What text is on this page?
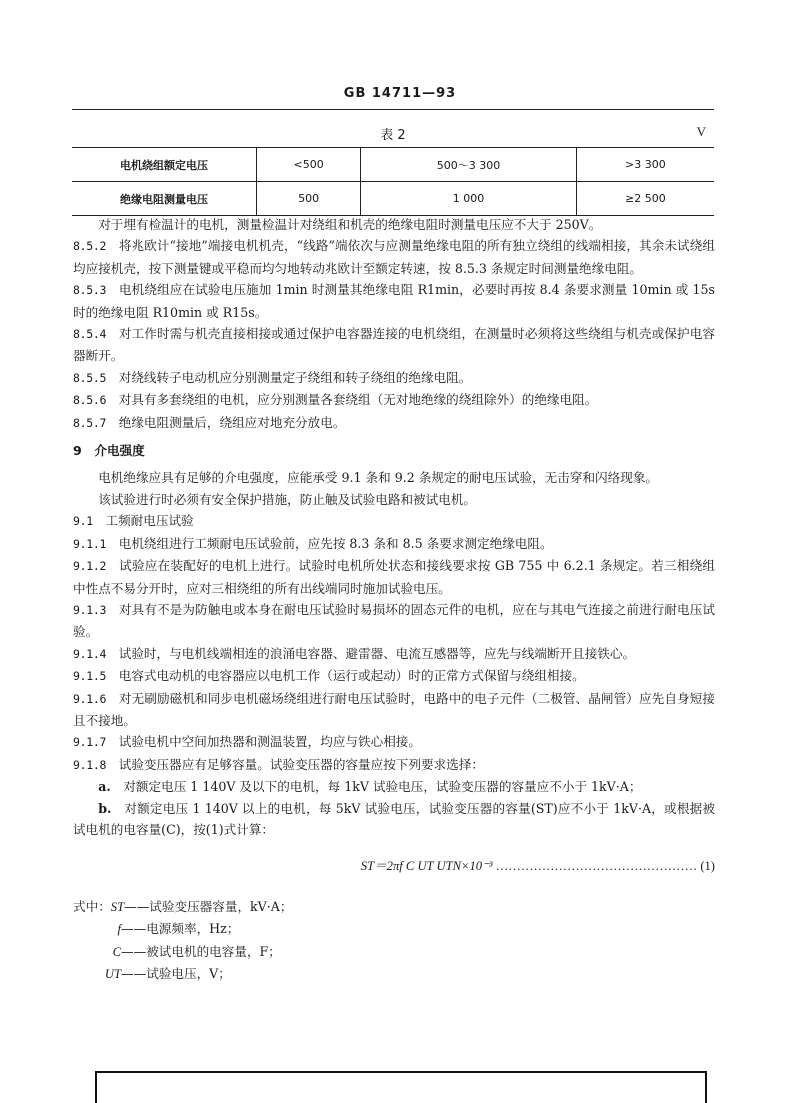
GB 14711—93
表 2	V
电机绕组额定电压	<500	500～3 300	>3 300
绝缘电阻测量电压	500	1 000	≥2 500

对于埋有检温计的电机，测量检温计对绕组和机壳的绝缘电阻时测量电压应不大于 250V。

8.5.2　 将兆欧计“接地”端接电机机壳，“线路”端依次与应测量绝缘电阻的所有独立绕组的线端相接，其余未试绕组均应接机壳，按下测量键或平稳而均匀地转动兆欧计至额定转速，按 8.5.3 条规定时间测量绝缘电阻。

8.5.3　 电机绕组应在试验电压施加 1min 时测量其绝缘电阻 R1min，必要时再按 8.4 条要求测量 10min 或 15s 时的绝缘电阻 R10min 或 R15s。

8.5.4　 对工作时需与机壳直接相接或通过保护电容器连接的电机绕组，在测量时必须将这些绕组与机壳或保护电容器断开。

8.5.5　 对绕线转子电动机应分别测量定子绕组和转子绕组的绝缘电阻。

8.5.6　 对具有多套绕组的电机，应分别测量各套绕组（无对地绝缘的绕组除外）的绝缘电阻。

8.5.7　 绝缘电阻测量后，绕组应对地充分放电。

9　介电强度

电机绝缘应具有足够的介电强度，应能承受 9.1 条和 9.2 条规定的耐电压试验，无击穿和闪络现象。

该试验进行时必须有安全保护措施，防止触及试验电路和被试电机。

9.1　 工频耐电压试验

9.1.1　 电机绕组进行工频耐电压试验前，应先按 8.3 条和 8.5 条要求测定绝缘电阻。

9.1.2　 试验应在装配好的电机上进行。试验时电机所处状态和接线要求按 GB 755 中 6.2.1 条规定。若三相绕组中性点不易分开时，应对三相绕组的所有出线端同时施加试验电压。

9.1.3　 对具有不是为防触电或本身在耐电压试验时易损坏的固态元件的电机，应在与其电气连接之前进行耐电压试验。

9.1.4　 试验时，与电机线端相连的浪涌电容器、避雷器、电流互感器等，应先与线端断开且接铁心。

9.1.5　 电容式电动机的电容器应以电机工作（运行或起动）时的正常方式保留与绕组相接。

9.1.6　 对无刷励磁机和同步电机磁场绕组进行耐电压试验时，电路中的电子元件（二极管、晶闸管）应先自身短接且不接地。

9.1.7　 试验电机中空间加热器和测温装置，均应与铁心相接。

9.1.8　 试验变压器应有足够容量。试验变压器的容量应按下列要求选择：

a.　 对额定电压 1 140V 及以下的电机，每 1kV 试验电压，试验变压器的容量应不小于 1kV·A；

b.　 对额定电压 1 140V 以上的电机，每 5kV 试验电压，试验变压器的容量(ST)应不小于 1kV·A，或根据被试电机的电容量(C)，按(1)式计算：

ST＝2πf C UT UTN×10⁻³ ………………………………………… (1)

式中：ST——试验变压器容量，kV·A；

f——电源频率，Hz；

C——被试电机的电容量，F；

UT——试验电压，V；
